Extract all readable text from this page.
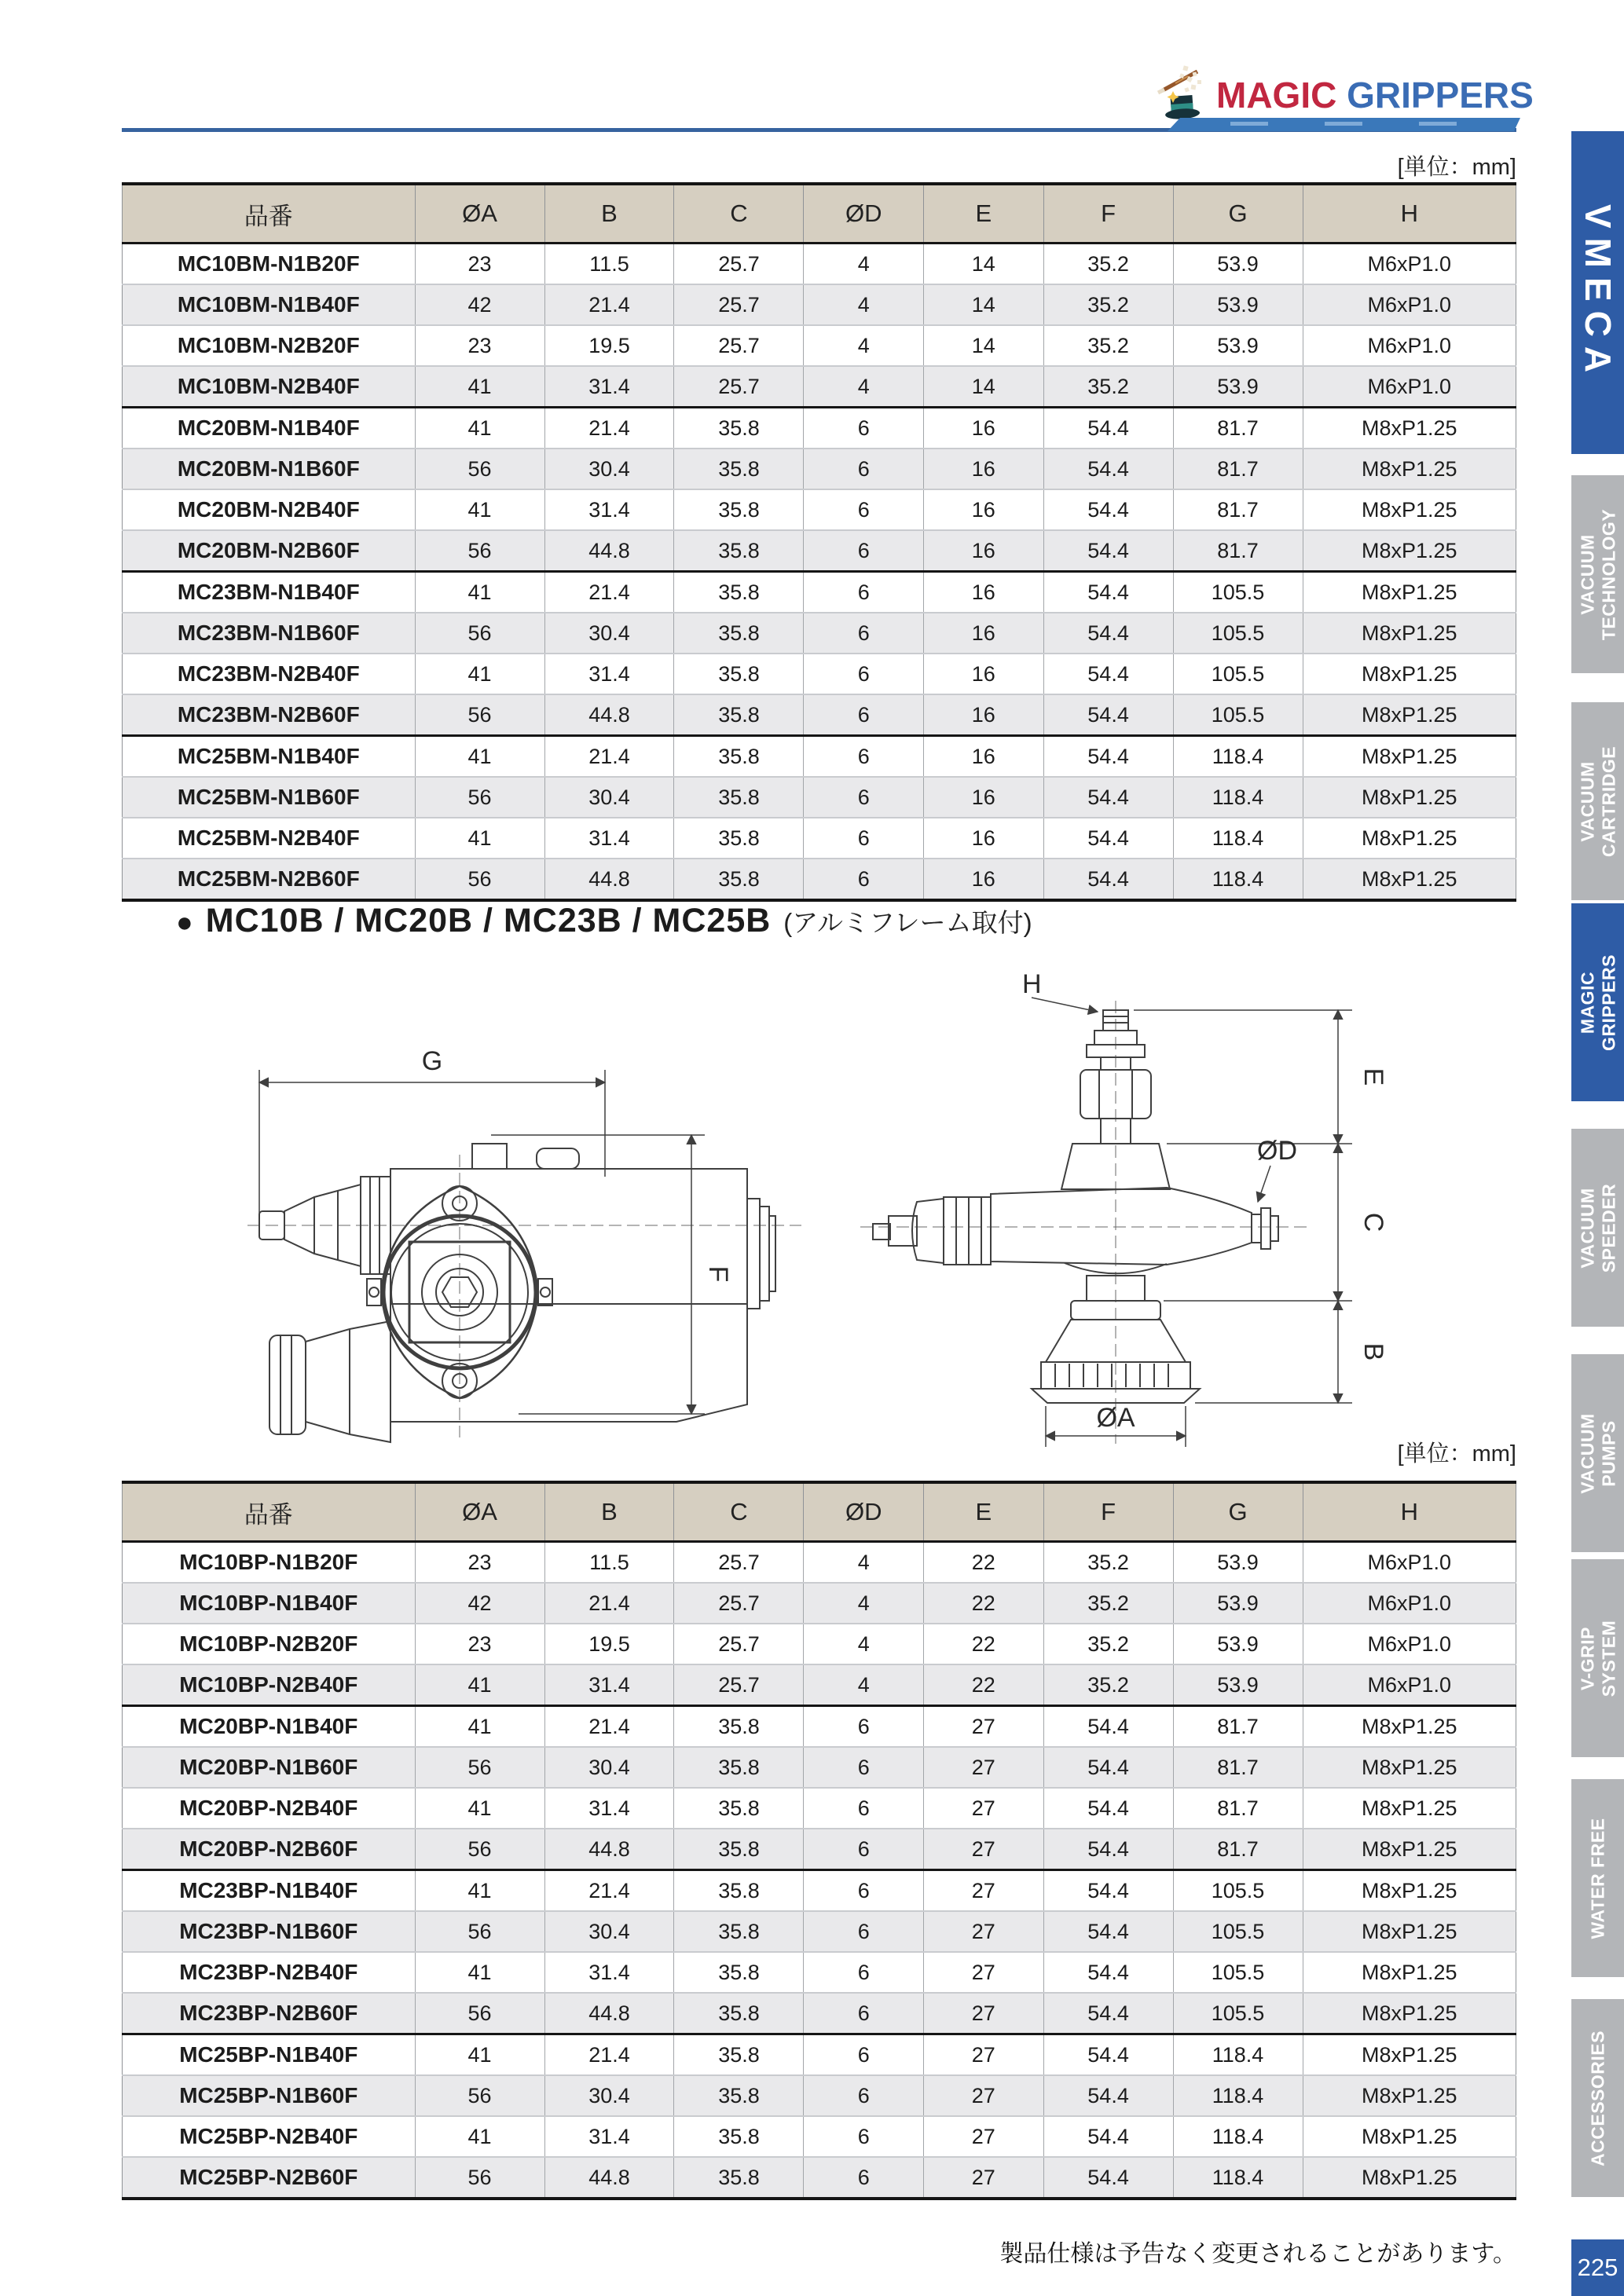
MAGIC GRIPPERS
[単位：mm]
品番	ØA	B	C	ØD	E	F	G	H
MC10BM-N1B20F	23	11.5	25.7	4	14	35.2	53.9	M6xP1.0
MC10BM-N1B40F	42	21.4	25.7	4	14	35.2	53.9	M6xP1.0
MC10BM-N2B20F	23	19.5	25.7	4	14	35.2	53.9	M6xP1.0
MC10BM-N2B40F	41	31.4	25.7	4	14	35.2	53.9	M6xP1.0
MC20BM-N1B40F	41	21.4	35.8	6	16	54.4	81.7	M8xP1.25
MC20BM-N1B60F	56	30.4	35.8	6	16	54.4	81.7	M8xP1.25
MC20BM-N2B40F	41	31.4	35.8	6	16	54.4	81.7	M8xP1.25
MC20BM-N2B60F	56	44.8	35.8	6	16	54.4	81.7	M8xP1.25
MC23BM-N1B40F	41	21.4	35.8	6	16	54.4	105.5	M8xP1.25
MC23BM-N1B60F	56	30.4	35.8	6	16	54.4	105.5	M8xP1.25
MC23BM-N2B40F	41	31.4	35.8	6	16	54.4	105.5	M8xP1.25
MC23BM-N2B60F	56	44.8	35.8	6	16	54.4	105.5	M8xP1.25
MC25BM-N1B40F	41	21.4	35.8	6	16	54.4	118.4	M8xP1.25
MC25BM-N1B60F	56	30.4	35.8	6	16	54.4	118.4	M8xP1.25
MC25BM-N2B40F	41	31.4	35.8	6	16	54.4	118.4	M8xP1.25
MC25BM-N2B60F	56	44.8	35.8	6	16	54.4	118.4	M8xP1.25
● MC10B / MC20B / MC23B / MC25B (アルミフレーム取付)
G
F
H
E
C
B
ØD
ØA
[単位：mm]
品番	ØA	B	C	ØD	E	F	G	H
MC10BP-N1B20F	23	11.5	25.7	4	22	35.2	53.9	M6xP1.0
MC10BP-N1B40F	42	21.4	25.7	4	22	35.2	53.9	M6xP1.0
MC10BP-N2B20F	23	19.5	25.7	4	22	35.2	53.9	M6xP1.0
MC10BP-N2B40F	41	31.4	25.7	4	22	35.2	53.9	M6xP1.0
MC20BP-N1B40F	41	21.4	35.8	6	27	54.4	81.7	M8xP1.25
MC20BP-N1B60F	56	30.4	35.8	6	27	54.4	81.7	M8xP1.25
MC20BP-N2B40F	41	31.4	35.8	6	27	54.4	81.7	M8xP1.25
MC20BP-N2B60F	56	44.8	35.8	6	27	54.4	81.7	M8xP1.25
MC23BP-N1B40F	41	21.4	35.8	6	27	54.4	105.5	M8xP1.25
MC23BP-N1B60F	56	30.4	35.8	6	27	54.4	105.5	M8xP1.25
MC23BP-N2B40F	41	31.4	35.8	6	27	54.4	105.5	M8xP1.25
MC23BP-N2B60F	56	44.8	35.8	6	27	54.4	105.5	M8xP1.25
MC25BP-N1B40F	41	21.4	35.8	6	27	54.4	118.4	M8xP1.25
MC25BP-N1B60F	56	30.4	35.8	6	27	54.4	118.4	M8xP1.25
MC25BP-N2B40F	41	31.4	35.8	6	27	54.4	118.4	M8xP1.25
MC25BP-N2B60F	56	44.8	35.8	6	27	54.4	118.4	M8xP1.25
VMECA
VACUUM TECHNOLOGY
VACUUM CARTRIDGE
MAGIC GRIPPERS
VACUUM SPEEDER
VACUUM PUMPS
V-GRIP SYSTEM
WATER FREE
ACCESSORIES
製品仕様は予告なく変更されることがあります。	225
